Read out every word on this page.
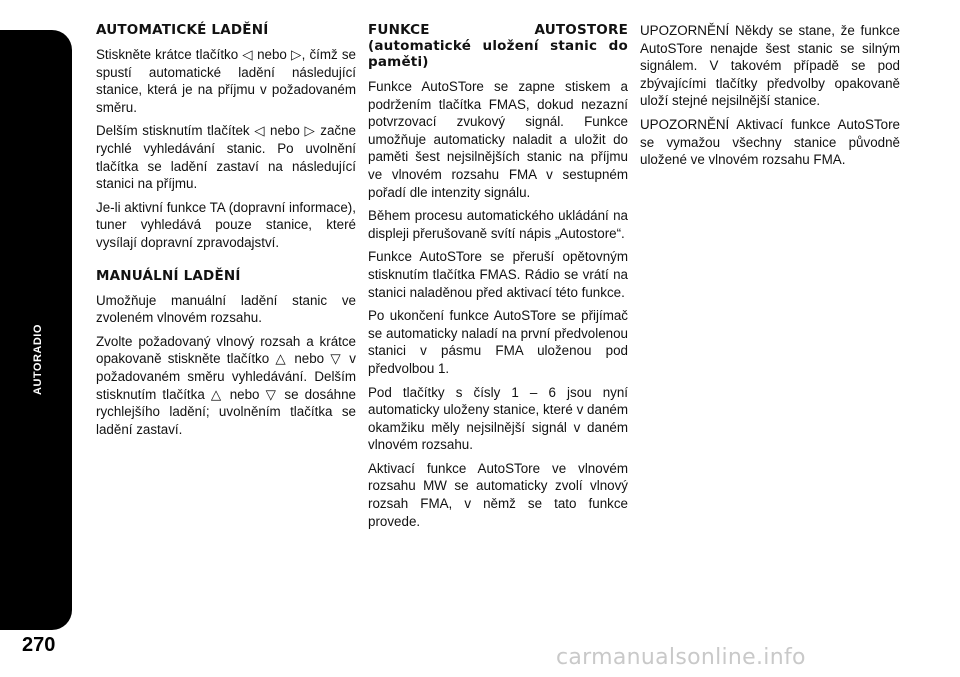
AUTORADIO
270
AUTOMATICKÉ LADĚNÍ

Stiskněte krátce tlačítko ◁ nebo ▷, čímž se spustí automatické ladění následující stanice, která je na příjmu v požadovaném směru.

Delším stisknutím tlačítek ◁ nebo ▷ začne rychlé vyhledávání stanic. Po uvolnění tlačítka se ladění zastaví na následující stanici na příjmu.

Je-li aktivní funkce TA (dopravní informace), tuner vyhledává pouze stanice, které vysílají dopravní zpravodajství.

MANUÁLNÍ LADĚNÍ

Umožňuje manuální ladění stanic ve zvoleném vlnovém rozsahu.

Zvolte požadovaný vlnový rozsah a krátce opakovaně stiskněte tlačítko △ nebo ▽ v požadovaném směru vyhledávání. Delším stisknutím tlačítka △ nebo ▽ se dosáhne rychlejšího ladění; uvolněním tlačítka se ladění zastaví.

FUNKCE AUTOSTORE (automatické uložení stanic do paměti)

Funkce AutoSTore se zapne stiskem a podržením tlačítka FMAS, dokud nezazní potvrzovací zvukový signál. Funkce umožňuje automaticky naladit a uložit do paměti šest nejsilnějších stanic na příjmu ve vlnovém rozsahu FMA v sestupném pořadí dle intenzity signálu.

Během procesu automatického ukládání na displeji přerušovaně svítí nápis „Autostore“.

Funkce AutoSTore se přeruší opětovným stisknutím tlačítka FMAS. Rádio se vrátí na stanici naladěnou před aktivací této funkce.

Po ukončení funkce AutoSTore se přijímač se automaticky naladí na první předvolenou stanici v pásmu FMA uloženou pod předvolbou 1.

Pod tlačítky s čísly 1 – 6 jsou nyní automaticky uloženy stanice, které v daném okamžiku měly nejsilnější signál v daném vlnovém rozsahu.

Aktivací funkce AutoSTore ve vlnovém rozsahu MW se automaticky zvolí vlnový rozsah FMA, v němž se tato funkce provede.

UPOZORNĚNÍ Někdy se stane, že funkce AutoSTore nenajde šest stanic se silným signálem. V takovém případě se pod zbývajícími tlačítky předvolby opakovaně uloží stejné nejsilnější stanice.

UPOZORNĚNÍ Aktivací funkce AutoSTore se vymažou všechny stanice původně uložené ve vlnovém rozsahu FMA.

carmanualsonline.info
